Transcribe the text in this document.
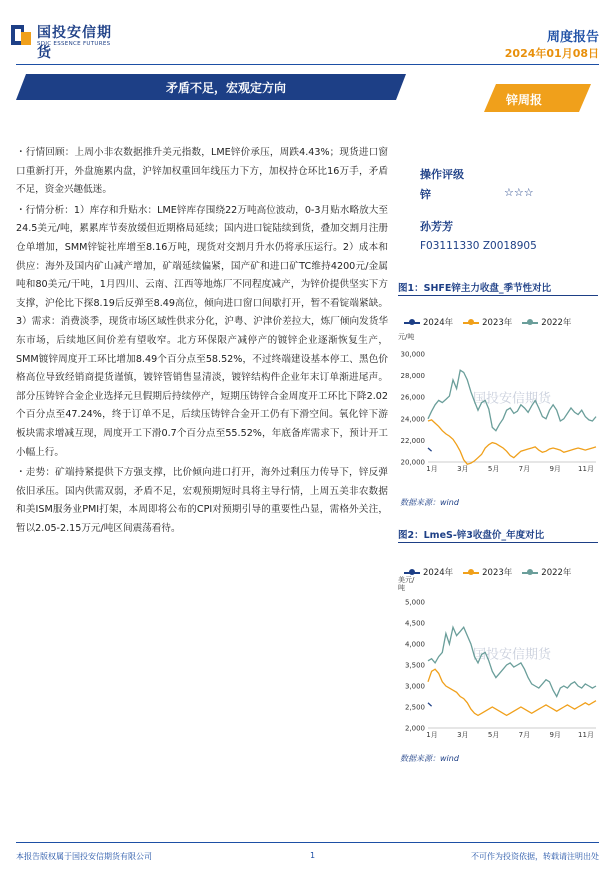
国投安信期货
SDIC ESSENCE FUTURES	周度报告
2024年01月08日
矛盾不足，宏观定方向
锌周报

・行情回顾：上周小非农数据推升美元指数，LME锌价承压，周跌4.43%；现货进口窗口重新打开，外盘施累内盘，沪锌加权重回年线压力下方，加权持仓环比16万手，矛盾不足，资金兴趣低迷。

・行情分析：1）库存和升贴水：LME锌库存围绕22万吨高位波动，0-3月贴水略放大至24.5美元/吨，累累库节奏放缓但近期格局延续；国内进口锭陆续到货，叠加交割月注册仓单增加，SMM锌锭社库增至8.16万吨，现货对交割月升水仍将承压运行。2）成本和供应：海外及国内矿山减产增加，矿端延续偏紧，国产矿和进口矿TC维持4200元/金属吨和80美元/干吨，1月四川、云南、江西等地炼厂不同程度减产，为锌价提供坚实下方支撑，沪伦比下探8.19后反弹至8.49高位，倾向进口窗口间歇打开，暂不看锭端紧缺。3）需求：消费淡季，现货市场区域性供求分化，沪粤、沪津价差拉大，炼厂倾向发货华东市场，后续地区间价差有望收窄。北方环保限产减停产的镀锌企业逐渐恢复生产，SMM镀锌周度开工环比增加8.49个百分点至58.52%，不过终端建设基本停工、黑色价格高位导致经销商提货谨慎，镀锌管销售显清淡，镀锌结构件企业年末订单渐进尾声。部分压铸锌合金企业选择元旦假期后持续停产，短期压铸锌合金周度开工环比下降2.02个百分点至47.24%，终于订单不足，后续压铸锌合金开工仍有下滑空间。氧化锌下游板块需求增减互现，周度开工下滑0.7个百分点至55.52%，年底备库需求下，预计开工小幅上行。

・走势：矿端持紧提供下方强支撑，比价倾向进口打开，海外过剩压力传导下，锌反弹依旧承压。国内供需双弱，矛盾不足，宏观预期短时具将主导行情，上周五美非农数据和美ISM服务业PMI打架，本周即将公布的CPI对预期引导的重要性凸显，需格外关注，暂以2.05-2.15万元/吨区间震荡看待。

操作评级
锌	☆☆☆
孙芳芳
F03111330 Z0018905
图1：SHFE锌主力收盘_季节性对比
2024年	2023年	2022年
元/吨
国投安信期货
20,000
22,000
24,000
26,000
28,000
30,000
1月	3月	5月	7月	9月 11月
数据来源：wind
图2：LmeS-锌3收盘价_年度对比
2024年	2023年	2022年
美元/吨
国投安信期货
2,000
2,500
3,000
3,500
4,000
4,500
5,000
1月	3月	5月	7月	9月 11月
数据来源：wind
本报告版权属于国投安信期货有限公司	1	不可作为投资依据，转载请注明出处
